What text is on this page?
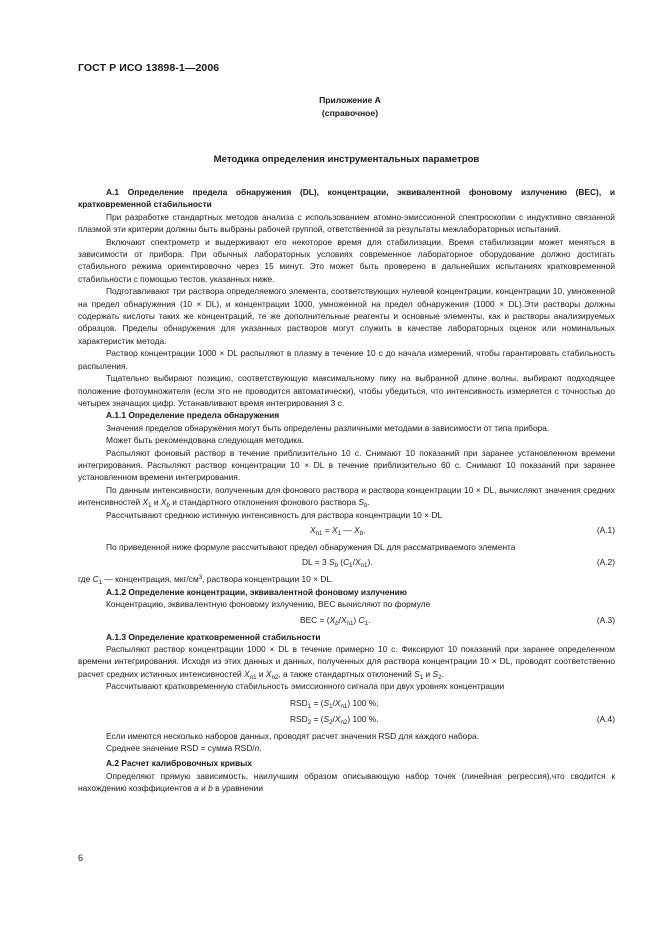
ГОСТ Р ИСО 13898-1—2006
Приложение А
(справочное)
Методика определения инструментальных параметров

А.1 Определение предела обнаружения (DL), концентрации, эквивалентной фоновому излучению (ВЕС), и кратковременной стабильности

При разработке стандартных методов анализа с использованием атомно-эмиссионной спектроскопии с индуктивно связанной плазмой эти критерии должны быть выбраны рабочей группой, ответственной за результаты межлабораторных испытаний.

Включают спектрометр и выдерживают его некоторое время для стабилизации. Время стабилизации может меняться в зависимости от прибора. При обычных лабораторных условиях современное лабораторное оборудование должно достигать стабильного режима ориентировочно через 15 минут. Это может быть проверено в дальнейших испытаниях кратковременной стабильности с помощью тестов, указанных ниже.

Подготавливают три раствора определяемого элемента, соответствующих нулевой концентрации, концентрации 10, умноженной на предел обнаружения (10 × DL), и концентрации 1000, умноженной на предел обнаружения (1000 × DL).Эти растворы должны содержать кислоты таких же концентраций, те же дополнительные реагенты и основные элементы, как и растворы анализируемых образцов. Пределы обнаружения для указанных растворов могут служить в качестве лабораторных оценок или номинальных характеристик метода.

Раствор концентрации 1000 × DL распыляют в плазму в течение 10 с до начала измерений, чтобы гарантировать стабильность распыления.

Тщательно выбирают позицию, соответствующую максимальному пику на выбранной длине волны, выбирают подходящее положение фотоумножителя (если это не проводится автоматически), чтобы убедиться, что интенсивность измеряется с точностью до четырех значащих цифр. Устанавливают время интегрирования 3 с.

А.1.1 Определение предела обнаружения

Значения пределов обнаружения могут быть определены различными методами в зависимости от типа прибора.

Может быть рекомендована следующая методика.

Распыляют фоновый раствор в течение приблизительно 10 с. Снимают 10 показаний при заранее установленном времени интегрирования. Распыляют раствор концентрации 10 × DL в течение приблизительно 60 с. Снимают 10 показаний при заранее установленном времени интегрирования.

По данным интенсивности, полученным для фонового раствора и раствора концентрации 10 × DL, вычисляют значения средних интенсивностей $X_1$ и $X_b$ и стандартного отклонения фонового раствора $S_b$.

Рассчитывают среднюю истинную интенсивность для раствора концентрации 10 × DL

$X_{n1} = X_1$ — $X_b$.	(А.1)

По приведенной ниже формуле рассчитывают предел обнаружения DL для рассматриваемого элемента

DL = 3 $S_b$ $(C_1/X_{n1})$.	(А.2)

где $C_1$ — концентрация, мкг/$см^3$, раствора концентрации 10 × DL.

А.1.2 Определение концентрации, эквивалентной фоновому излучению

Концентрацию, эквивалентную фоновому излучению, ВЕС вычисляют по формуле

ВЕС = $(X_b/X_{n1})$ $C_1$.	(А.3)

А.1.3 Определение кратковременной стабильности

Распыляют раствор концентрации 1000 × DL в течение примерно 10 с. Фиксируют 10 показаний при заранее определенном времени интегрирования. Исходя из этих данных и данных, полученных для раствора концентрации 10 × DL, проводят соответственно расчет средних истинных интенсивностей $X_{n1}$ и $X_{n2}$, а также стандартных отклонений $S_1$ и $S_2$.

Рассчитывают кратковременную стабильность эмиссионного сигнала при двух уровнях концентрации

$RSD_1 = (S_1/X_{n1})$ 100 %;
$RSD_2 = (S_2/X_{n2})$ 100 %.	(А.4)

Если имеются несколько наборов данных, проводят расчет значения RSD для каждого набора.

Среднее значение RSD = сумма RSD/n.

А.2 Расчет калибровочных кривых

Определяют прямую зависимость, наилучшим образом описывающую набор точек (линейная регрессия),что сводится к нахождению коэффициентов a и b в уравнении

6
